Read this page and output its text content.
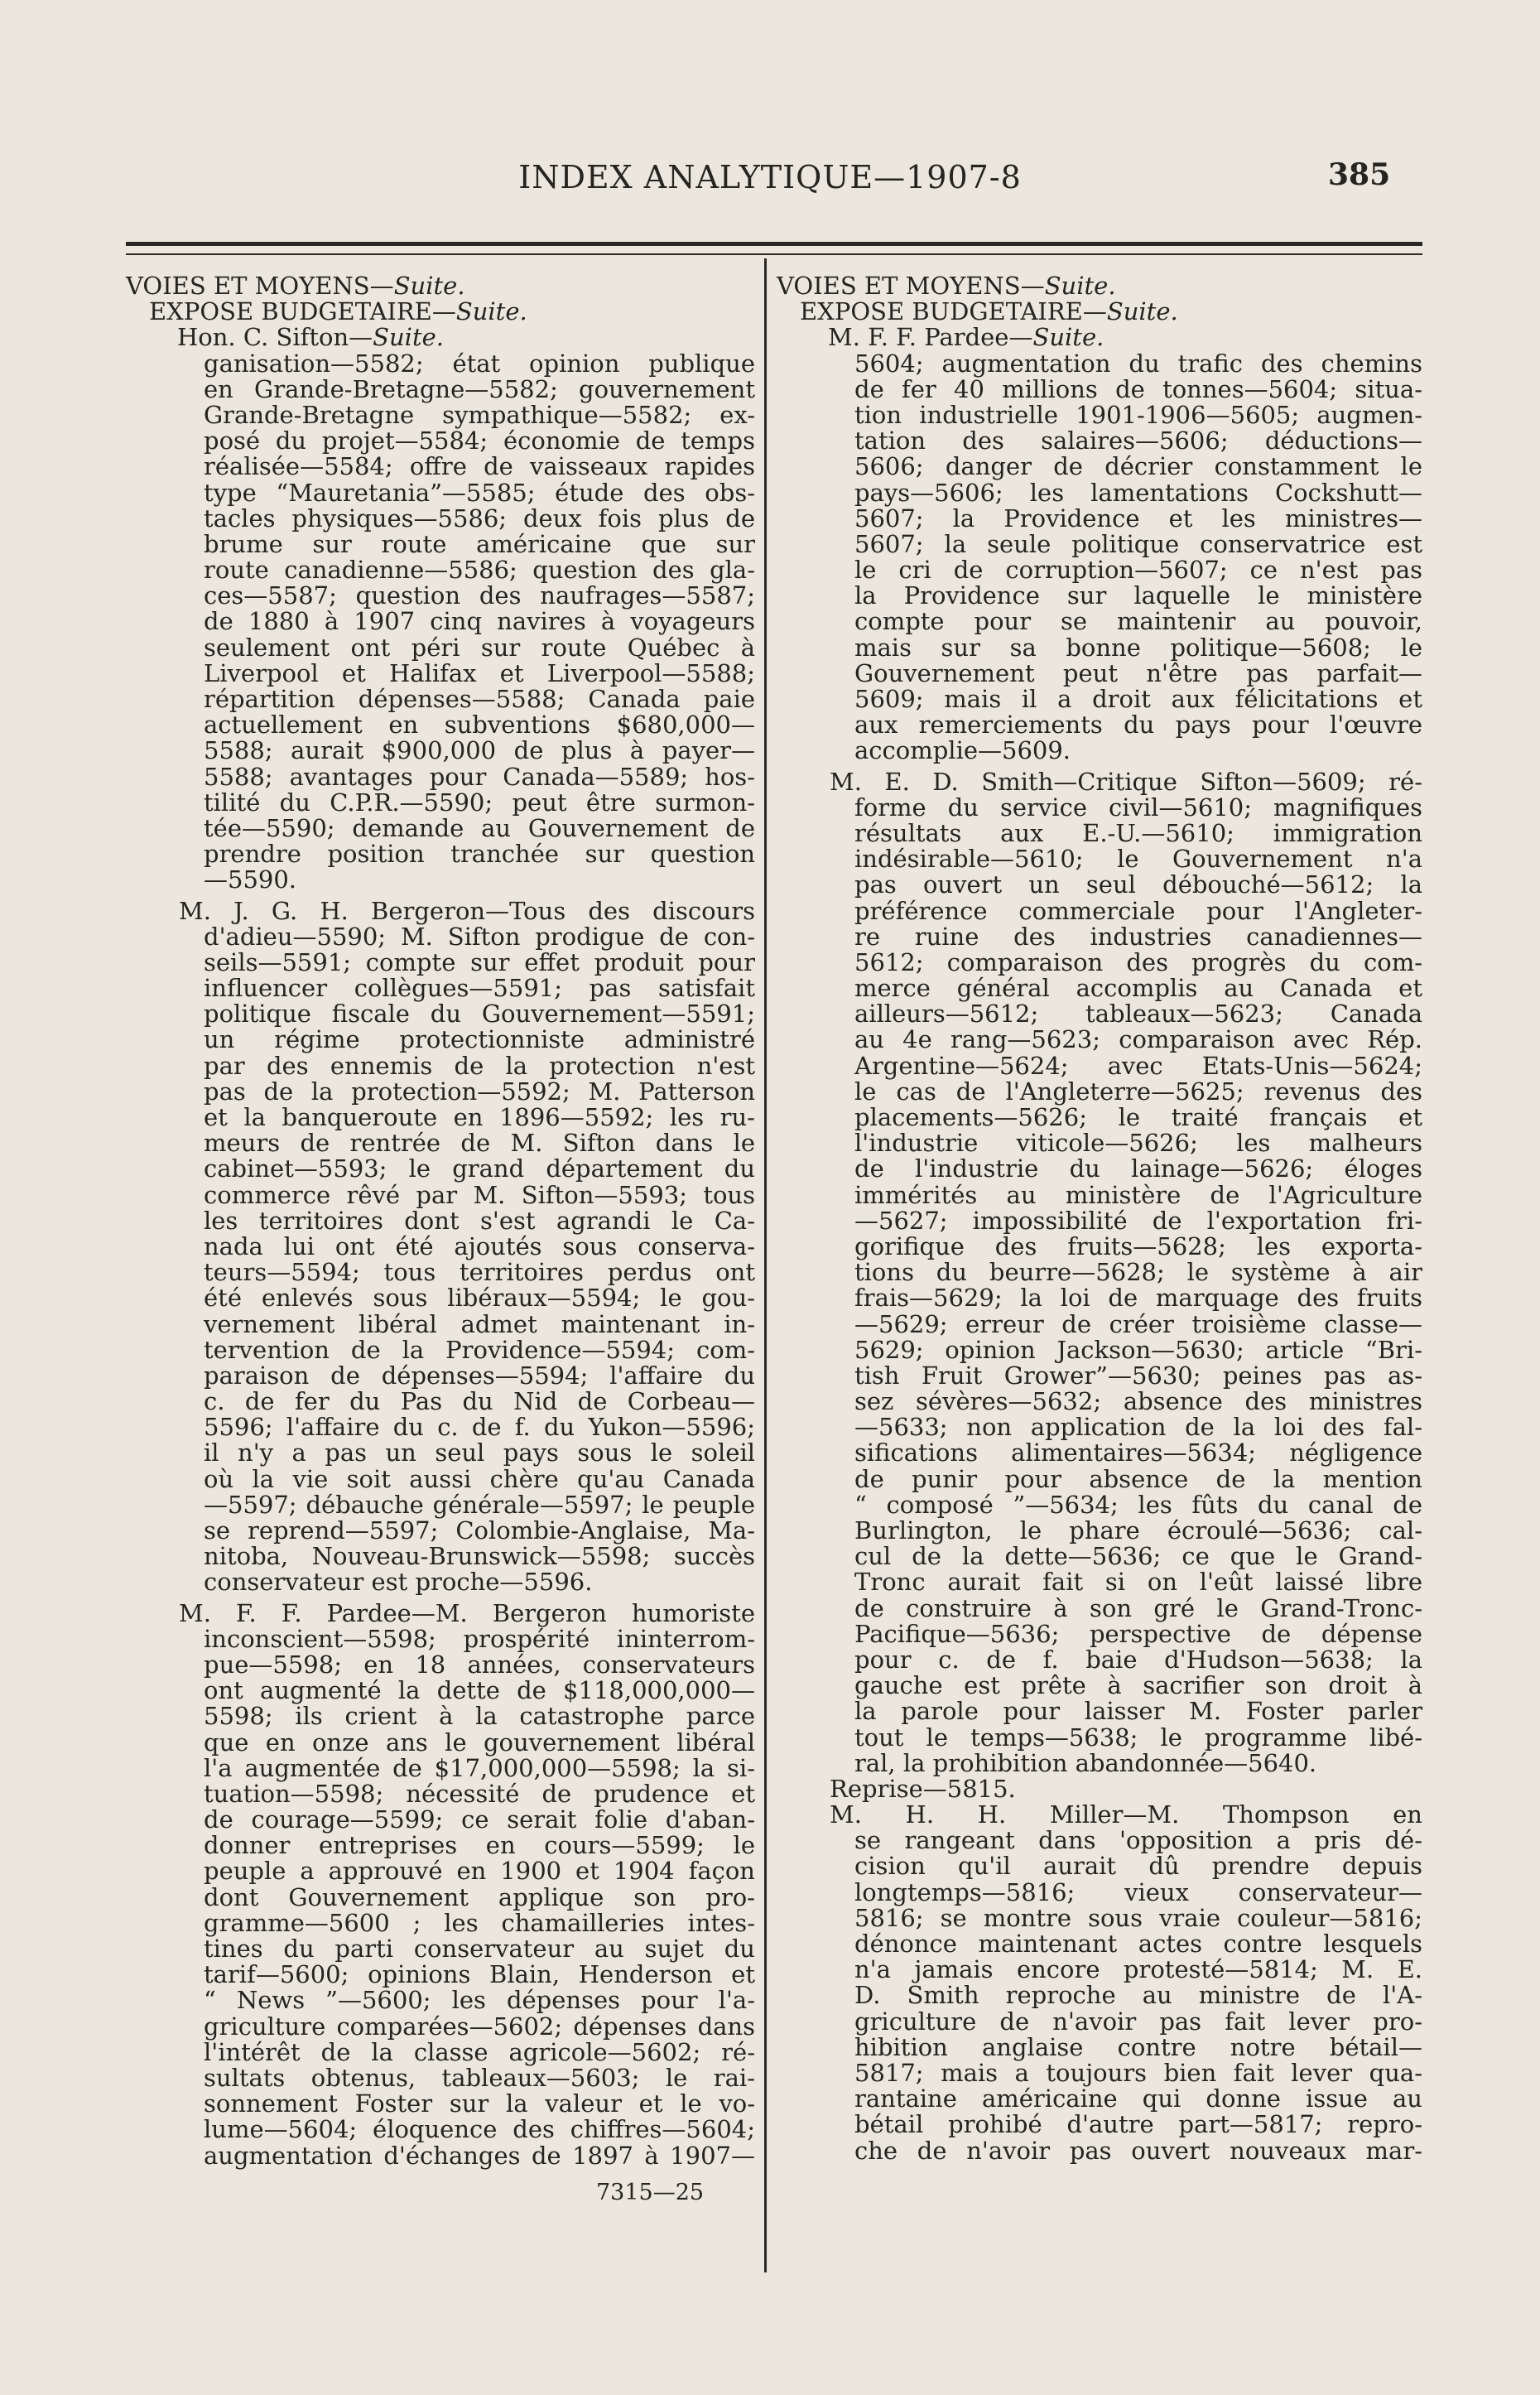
INDEX ANALYTIQUE—1907-8	385
VOIES ET MOYENS—Suite.
EXPOSE BUDGETAIRE—Suite.
Hon. C. Sifton—Suite.
ganisation—5582; état opinion publique
en Grande-Bretagne—5582; gouvernement
Grande-Bretagne sympathique—5582; ex-
posé du projet—5584; économie de temps
réalisée—5584; offre de vaisseaux rapides
type “Mauretania”—5585; étude des obs-
tacles physiques—5586; deux fois plus de
brume sur route américaine que sur
route canadienne—5586; question des gla-
ces—5587; question des naufrages—5587;
de 1880 à 1907 cinq navires à voyageurs
seulement ont péri sur route Québec à
Liverpool et Halifax et Liverpool—5588;
répartition dépenses—5588; Canada paie
actuellement en subventions $680,000—
5588; aurait $900,000 de plus à payer—
5588; avantages pour Canada—5589; hos-
tilité du C.P.R.—5590; peut être surmon-
tée—5590; demande au Gouvernement de
prendre position tranchée sur question
—5590.
M. J. G. H. Bergeron—Tous des discours
d'adieu—5590; M. Sifton prodigue de con-
seils—5591; compte sur effet produit pour
influencer collègues—5591; pas satisfait
politique fiscale du Gouvernement—5591;
un régime protectionniste administré
par des ennemis de la protection n'est
pas de la protection—5592; M. Patterson
et la banqueroute en 1896—5592; les ru-
meurs de rentrée de M. Sifton dans le
cabinet—5593; le grand département du
commerce rêvé par M. Sifton—5593; tous
les territoires dont s'est agrandi le Ca-
nada lui ont été ajoutés sous conserva-
teurs—5594; tous territoires perdus ont
été enlevés sous libéraux—5594; le gou-
vernement libéral admet maintenant in-
tervention de la Providence—5594; com-
paraison de dépenses—5594; l'affaire du
c. de fer du Pas du Nid de Corbeau—
5596; l'affaire du c. de f. du Yukon—5596;
il n'y a pas un seul pays sous le soleil
où la vie soit aussi chère qu'au Canada
—5597; débauche générale—5597; le peuple
se reprend—5597; Colombie-Anglaise, Ma-
nitoba, Nouveau-Brunswick—5598; succès
conservateur est proche—5596.
M. F. F. Pardee—M. Bergeron humoriste
inconscient—5598; prospérité ininterrom-
pue—5598; en 18 années, conservateurs
ont augmenté la dette de $118,000,000—
5598; ils crient à la catastrophe parce
que en onze ans le gouvernement libéral
l'a augmentée de $17,000,000—5598; la si-
tuation—5598; nécessité de prudence et
de courage—5599; ce serait folie d'aban-
donner entreprises en cours—5599; le
peuple a approuvé en 1900 et 1904 façon
dont Gouvernement applique son pro-
gramme—5600 ; les chamailleries intes-
tines du parti conservateur au sujet du
tarif—5600; opinions Blain, Henderson et
“ News ”—5600; les dépenses pour l'a-
griculture comparées—5602; dépenses dans
l'intérêt de la classe agricole—5602; ré-
sultats obtenus, tableaux—5603; le rai-
sonnement Foster sur la valeur et le vo-
lume—5604; éloquence des chiffres—5604;
augmentation d'échanges de 1897 à 1907—
VOIES ET MOYENS—Suite.
EXPOSE BUDGETAIRE—Suite.
M. F. F. Pardee—Suite.
5604; augmentation du trafic des chemins
de fer 40 millions de tonnes—5604; situa-
tion industrielle 1901-1906—5605; augmen-
tation des salaires—5606; déductions—
5606; danger de décrier constamment le
pays—5606; les lamentations Cockshutt—
5607; la Providence et les ministres—
5607; la seule politique conservatrice est
le cri de corruption—5607; ce n'est pas
la Providence sur laquelle le ministère
compte pour se maintenir au pouvoir,
mais sur sa bonne politique—5608; le
Gouvernement peut n'être pas parfait—
5609; mais il a droit aux félicitations et
aux remerciements du pays pour l'œuvre
accomplie—5609.
M. E. D. Smith—Critique Sifton—5609; ré-
forme du service civil—5610; magnifiques
résultats aux E.-U.—5610; immigration
indésirable—5610; le Gouvernement n'a
pas ouvert un seul débouché—5612; la
préférence commerciale pour l'Angleter-
re ruine des industries canadiennes—
5612; comparaison des progrès du com-
merce général accomplis au Canada et
ailleurs—5612; tableaux—5623; Canada
au 4e rang—5623; comparaison avec Rép.
Argentine—5624; avec Etats-Unis—5624;
le cas de l'Angleterre—5625; revenus des
placements—5626; le traité français et
l'industrie viticole—5626; les malheurs
de l'industrie du lainage—5626; éloges
immérités au ministère de l'Agriculture
—5627; impossibilité de l'exportation fri-
gorifique des fruits—5628; les exporta-
tions du beurre—5628; le système à air
frais—5629; la loi de marquage des fruits
—5629; erreur de créer troisième classe—
5629; opinion Jackson—5630; article “Bri-
tish Fruit Grower”—5630; peines pas as-
sez sévères—5632; absence des ministres
—5633; non application de la loi des fal-
sifications alimentaires—5634; négligence
de punir pour absence de la mention
“ composé ”—5634; les fûts du canal de
Burlington, le phare écroulé—5636; cal-
cul de la dette—5636; ce que le Grand-
Tronc aurait fait si on l'eût laissé libre
de construire à son gré le Grand-Tronc-
Pacifique—5636; perspective de dépense
pour c. de f. baie d'Hudson—5638; la
gauche est prête à sacrifier son droit à
la parole pour laisser M. Foster parler
tout le temps—5638; le programme libé-
ral, la prohibition abandonnée—5640.
Reprise—5815.
M. H. H. Miller—M. Thompson en
se rangeant dans 'opposition a pris dé-
cision qu'il aurait dû prendre depuis
longtemps—5816; vieux conservateur—
5816; se montre sous vraie couleur—5816;
dénonce maintenant actes contre lesquels
n'a jamais encore protesté—5814; M. E.
D. Smith reproche au ministre de l'A-
griculture de n'avoir pas fait lever pro-
hibition anglaise contre notre bétail—
5817; mais a toujours bien fait lever qua-
rantaine américaine qui donne issue au
bétail prohibé d'autre part—5817; repro-
che de n'avoir pas ouvert nouveaux mar-
7315—25
